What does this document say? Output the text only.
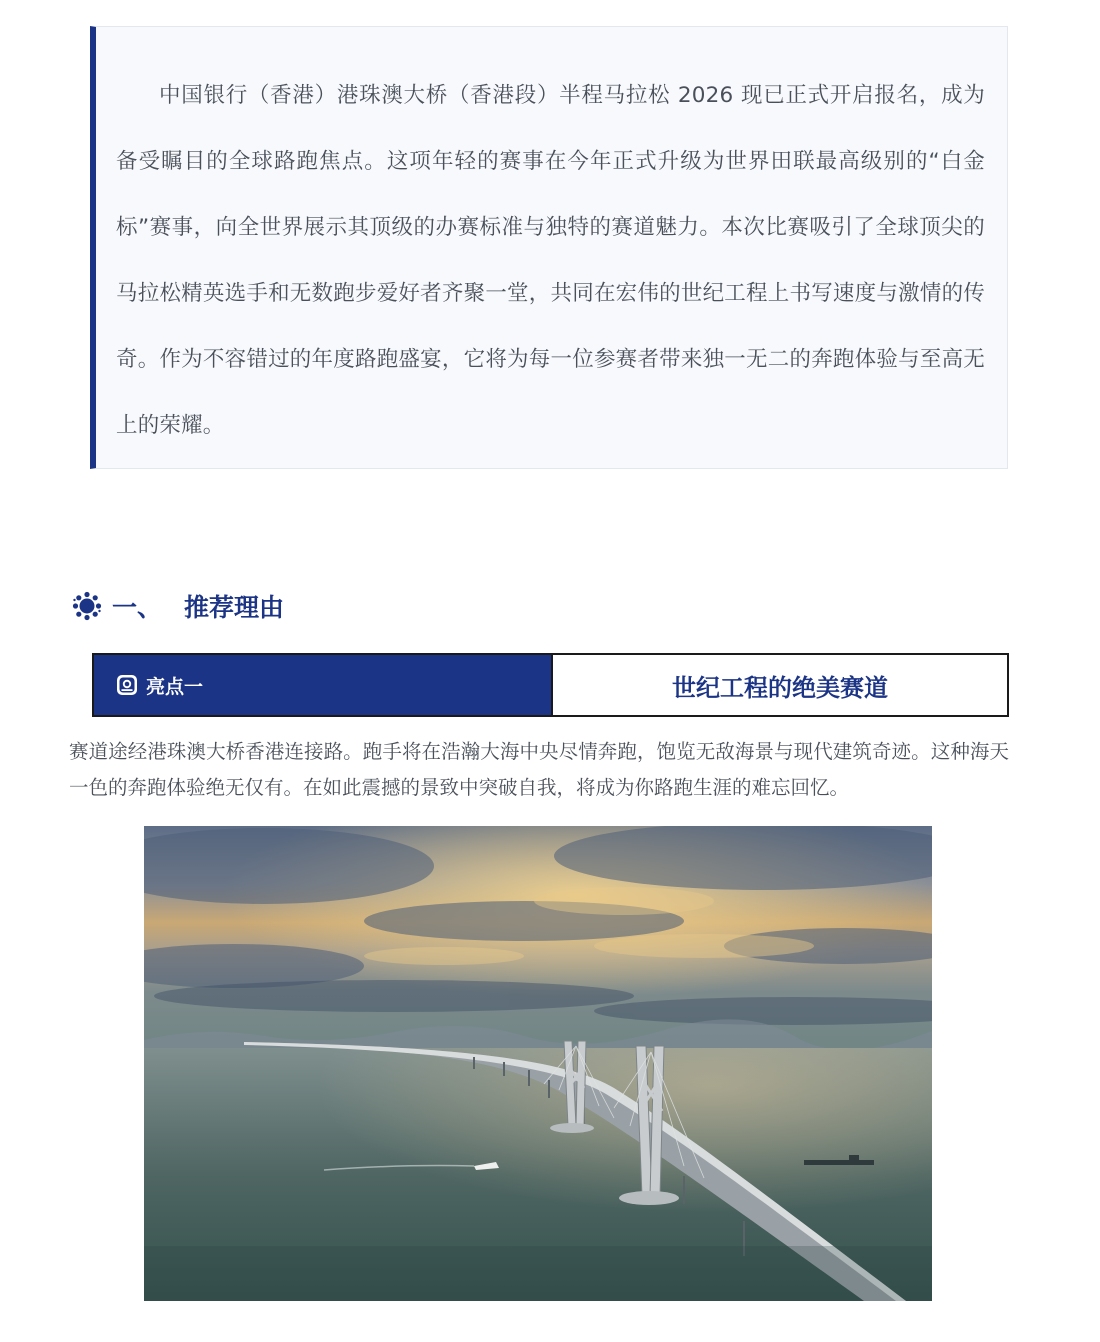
中国银行（香港）港珠澳大桥（香港段）半程马拉松 2026 现已正式开启报名，成为备受瞩目的全球路跑焦点。这项年轻的赛事在今年正式升级为世界田联最高级别的“白金标”赛事，向全世界展示其顶级的办赛标准与独特的赛道魅力。本次比赛吸引了全球顶尖的马拉松精英选手和无数跑步爱好者齐聚一堂，共同在宏伟的世纪工程上书写速度与激情的传奇。作为不容错过的年度路跑盛宴，它将为每一位参赛者带来独一无二的奔跑体验与至高无上的荣耀。

一、 推荐理由
亮点一	世纪工程的绝美赛道

赛道途经港珠澳大桥香港连接路。跑手将在浩瀚大海中央尽情奔跑，饱览无敌海景与现代建筑奇迹。这种海天一色的奔跑体验绝无仅有。在如此震撼的景致中突破自我，将成为你路跑生涯的难忘回忆。
